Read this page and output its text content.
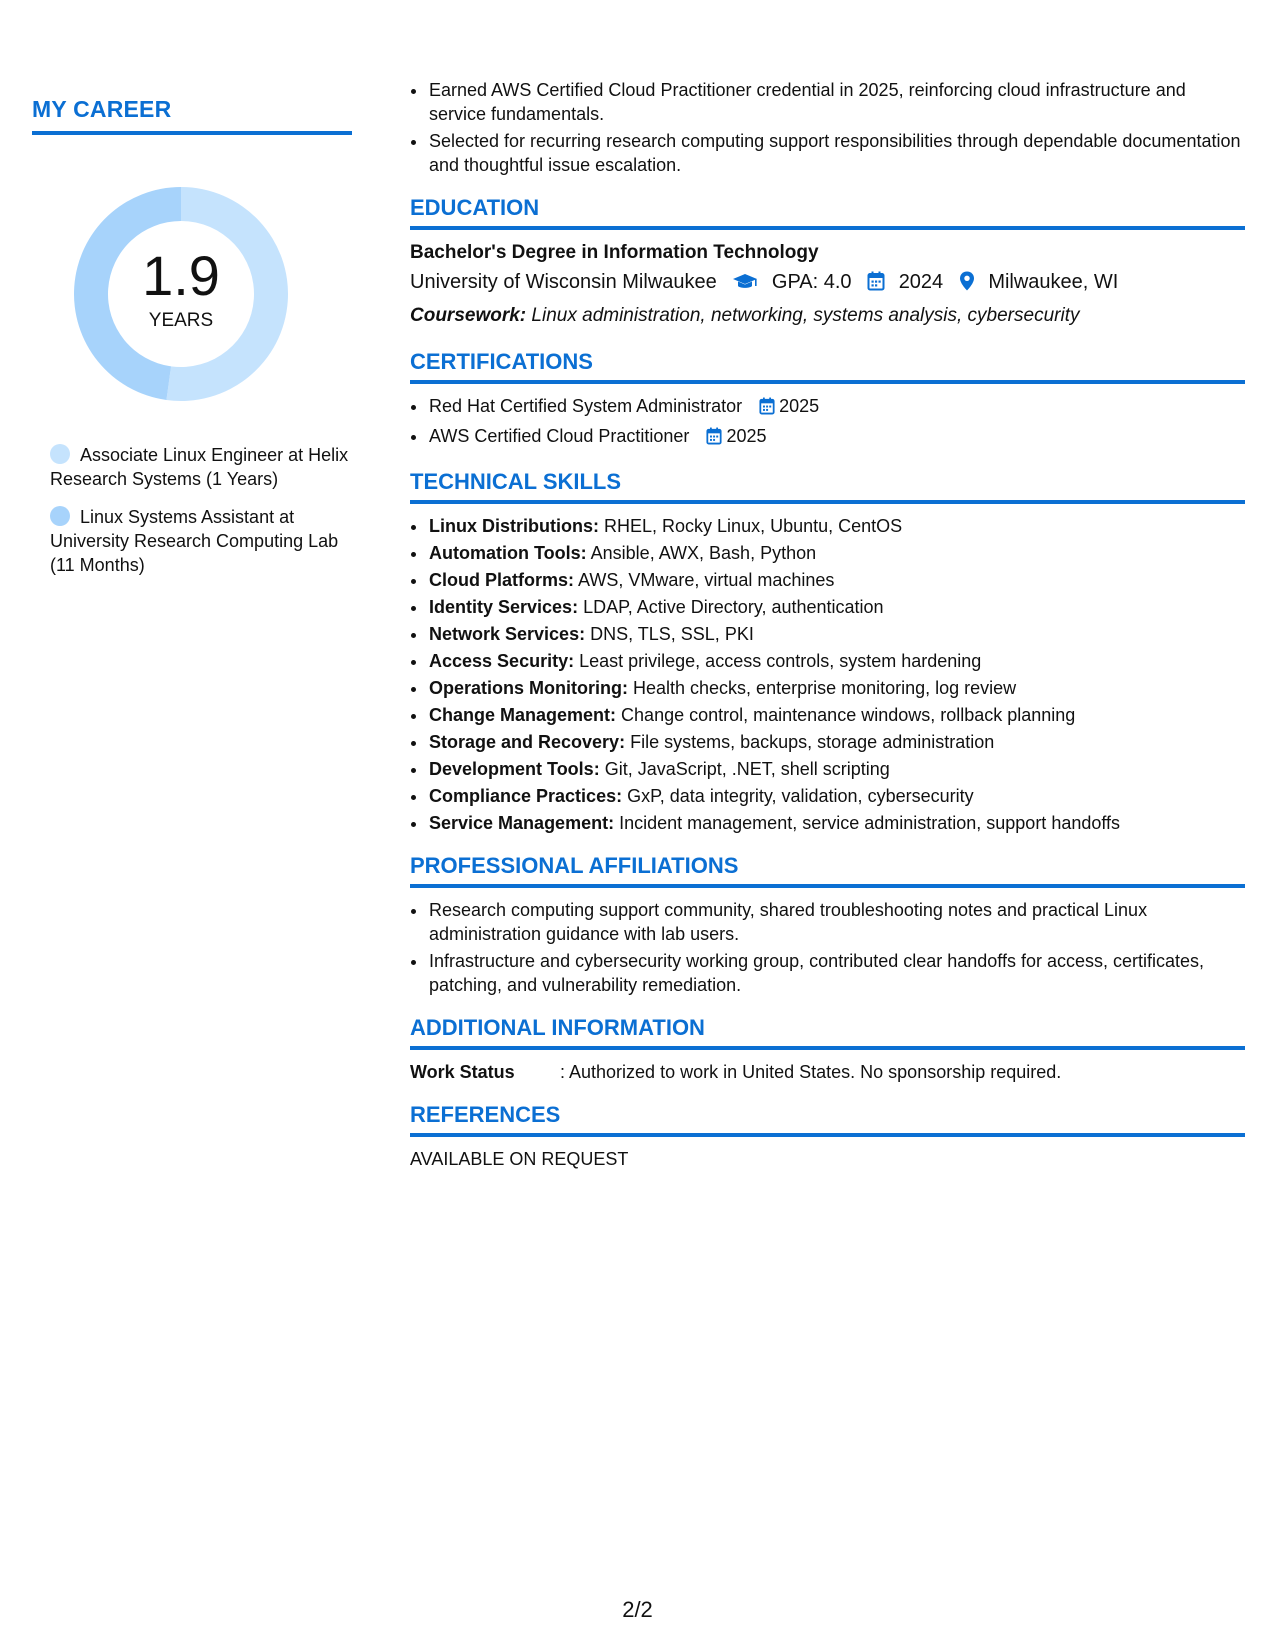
MY CAREER
1.9
YEARS
Associate Linux Engineer at Helix Research Systems (1 Years)
Linux Systems Assistant at University Research Computing Lab (11 Months)
• Earned AWS Certified Cloud Practitioner credential in 2025, reinforcing cloud infrastructure and service fundamentals.
• Selected for recurring research computing support responsibilities through dependable documentation and thoughtful issue escalation.
EDUCATION
Bachelor's Degree in Information Technology
University of Wisconsin Milwaukee	GPA: 4.0 2024 Milwaukee, WI
Coursework: Linux administration, networking, systems analysis, cybersecurity
CERTIFICATIONS
• Red Hat Certified System Administrator 2025
• AWS Certified Cloud Practitioner 2025
TECHNICAL SKILLS
• Linux Distributions: RHEL, Rocky Linux, Ubuntu, CentOS
• Automation Tools: Ansible, AWX, Bash, Python
• Cloud Platforms: AWS, VMware, virtual machines
• Identity Services: LDAP, Active Directory, authentication
• Network Services: DNS, TLS, SSL, PKI
• Access Security: Least privilege, access controls, system hardening
• Operations Monitoring: Health checks, enterprise monitoring, log review
• Change Management: Change control, maintenance windows, rollback planning
• Storage and Recovery: File systems, backups, storage administration
• Development Tools: Git, JavaScript, .NET, shell scripting
• Compliance Practices: GxP, data integrity, validation, cybersecurity
• Service Management: Incident management, service administration, support handoffs
PROFESSIONAL AFFILIATIONS
• Research computing support community, shared troubleshooting notes and practical Linux administration guidance with lab users.
• Infrastructure and cybersecurity working group, contributed clear handoffs for access, certificates, patching, and vulnerability remediation.
ADDITIONAL INFORMATION
Work Status	: Authorized to work in United States. No sponsorship required.
REFERENCES
AVAILABLE ON REQUEST
2/2
